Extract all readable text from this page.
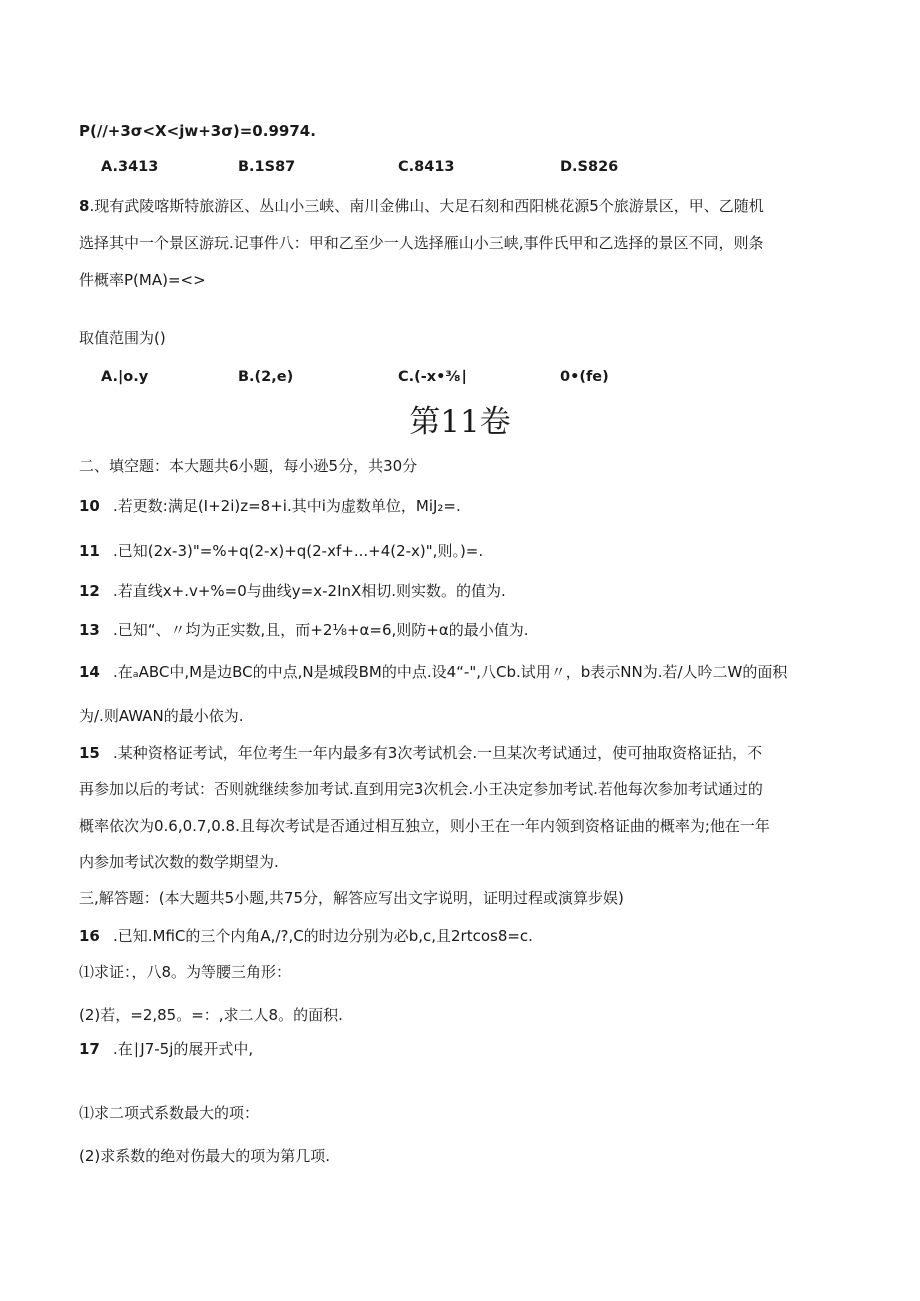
P(∕∕+3σ<X<jw+3σ)=0.9974.
A.3413	B.1S87	C.8413	D.S826
8.现有武陵喀斯特旅游区、丛山小三峡、南川金佛山、大足石刻和西阳桃花源5个旅游景区，甲、乙随机
选择其中一个景区游玩.记事件八：甲和乙至少一人选择雁山小三峡,事件氏甲和乙选择的景区不同，则条
件概率P(MA)=<>
取值范围为()
A.|o.y	B.(2,e)	C.(-ⅹ•⅜∣	0•(fe)
第11卷
二、填空题：本大题共6小题，每小逊5分，共30分
10 .若更数:满足(I+2i)z=8+i.其中i为虚数单位，MiJ₂=.
11 .已知(2x-3)"=%+q(2-x)+q(2-xf+...+4(2-x)",则。)=.
12 .若直线x+.v+%=0与曲线y=x-2InX相切.则实数。的值为.
13 .已知“、〃均为正实数,且，而+2⅛+α=6,则防+α的最小值为.
14 .在ₐABC中,M是边BC的中点,N是城段BM的中点.设4“-",八Cb.试用〃，b表示NN为.若/人吟二W的面积
为/.则AWAN的最小依为.
15 .某种资格证考试，年位考生一年内最多有3次考试机会.一旦某次考试通过，使可抽取资格证拈，不
再参加以后的考试：否则就继续参加考试.直到用完3次机会.小王决定参加考试.若他每次参加考试通过的
概率依次为0.6,0.7,0.8.且每次考试是否通过相互独立，则小王在一年内领到资格证曲的概率为;他在一年
内参加考试次数的数学期望为.
三,解答题：(本大题共5小题,共75分，解答应写出文字说明，证明过程或演算步娱)
16 .已知.MfiC的三个内角A,∕?,C的时边分别为必b,c,且2rtcos8=c.
⑴求证：，八8。为等腰三角形：
(2)若，=2,85。=：,求二人8。的面积.
17 .在∣J7-5j的展开式中,
⑴求二项式系数最大的项：
(2)求系数的绝对伤最大的项为第几项.
